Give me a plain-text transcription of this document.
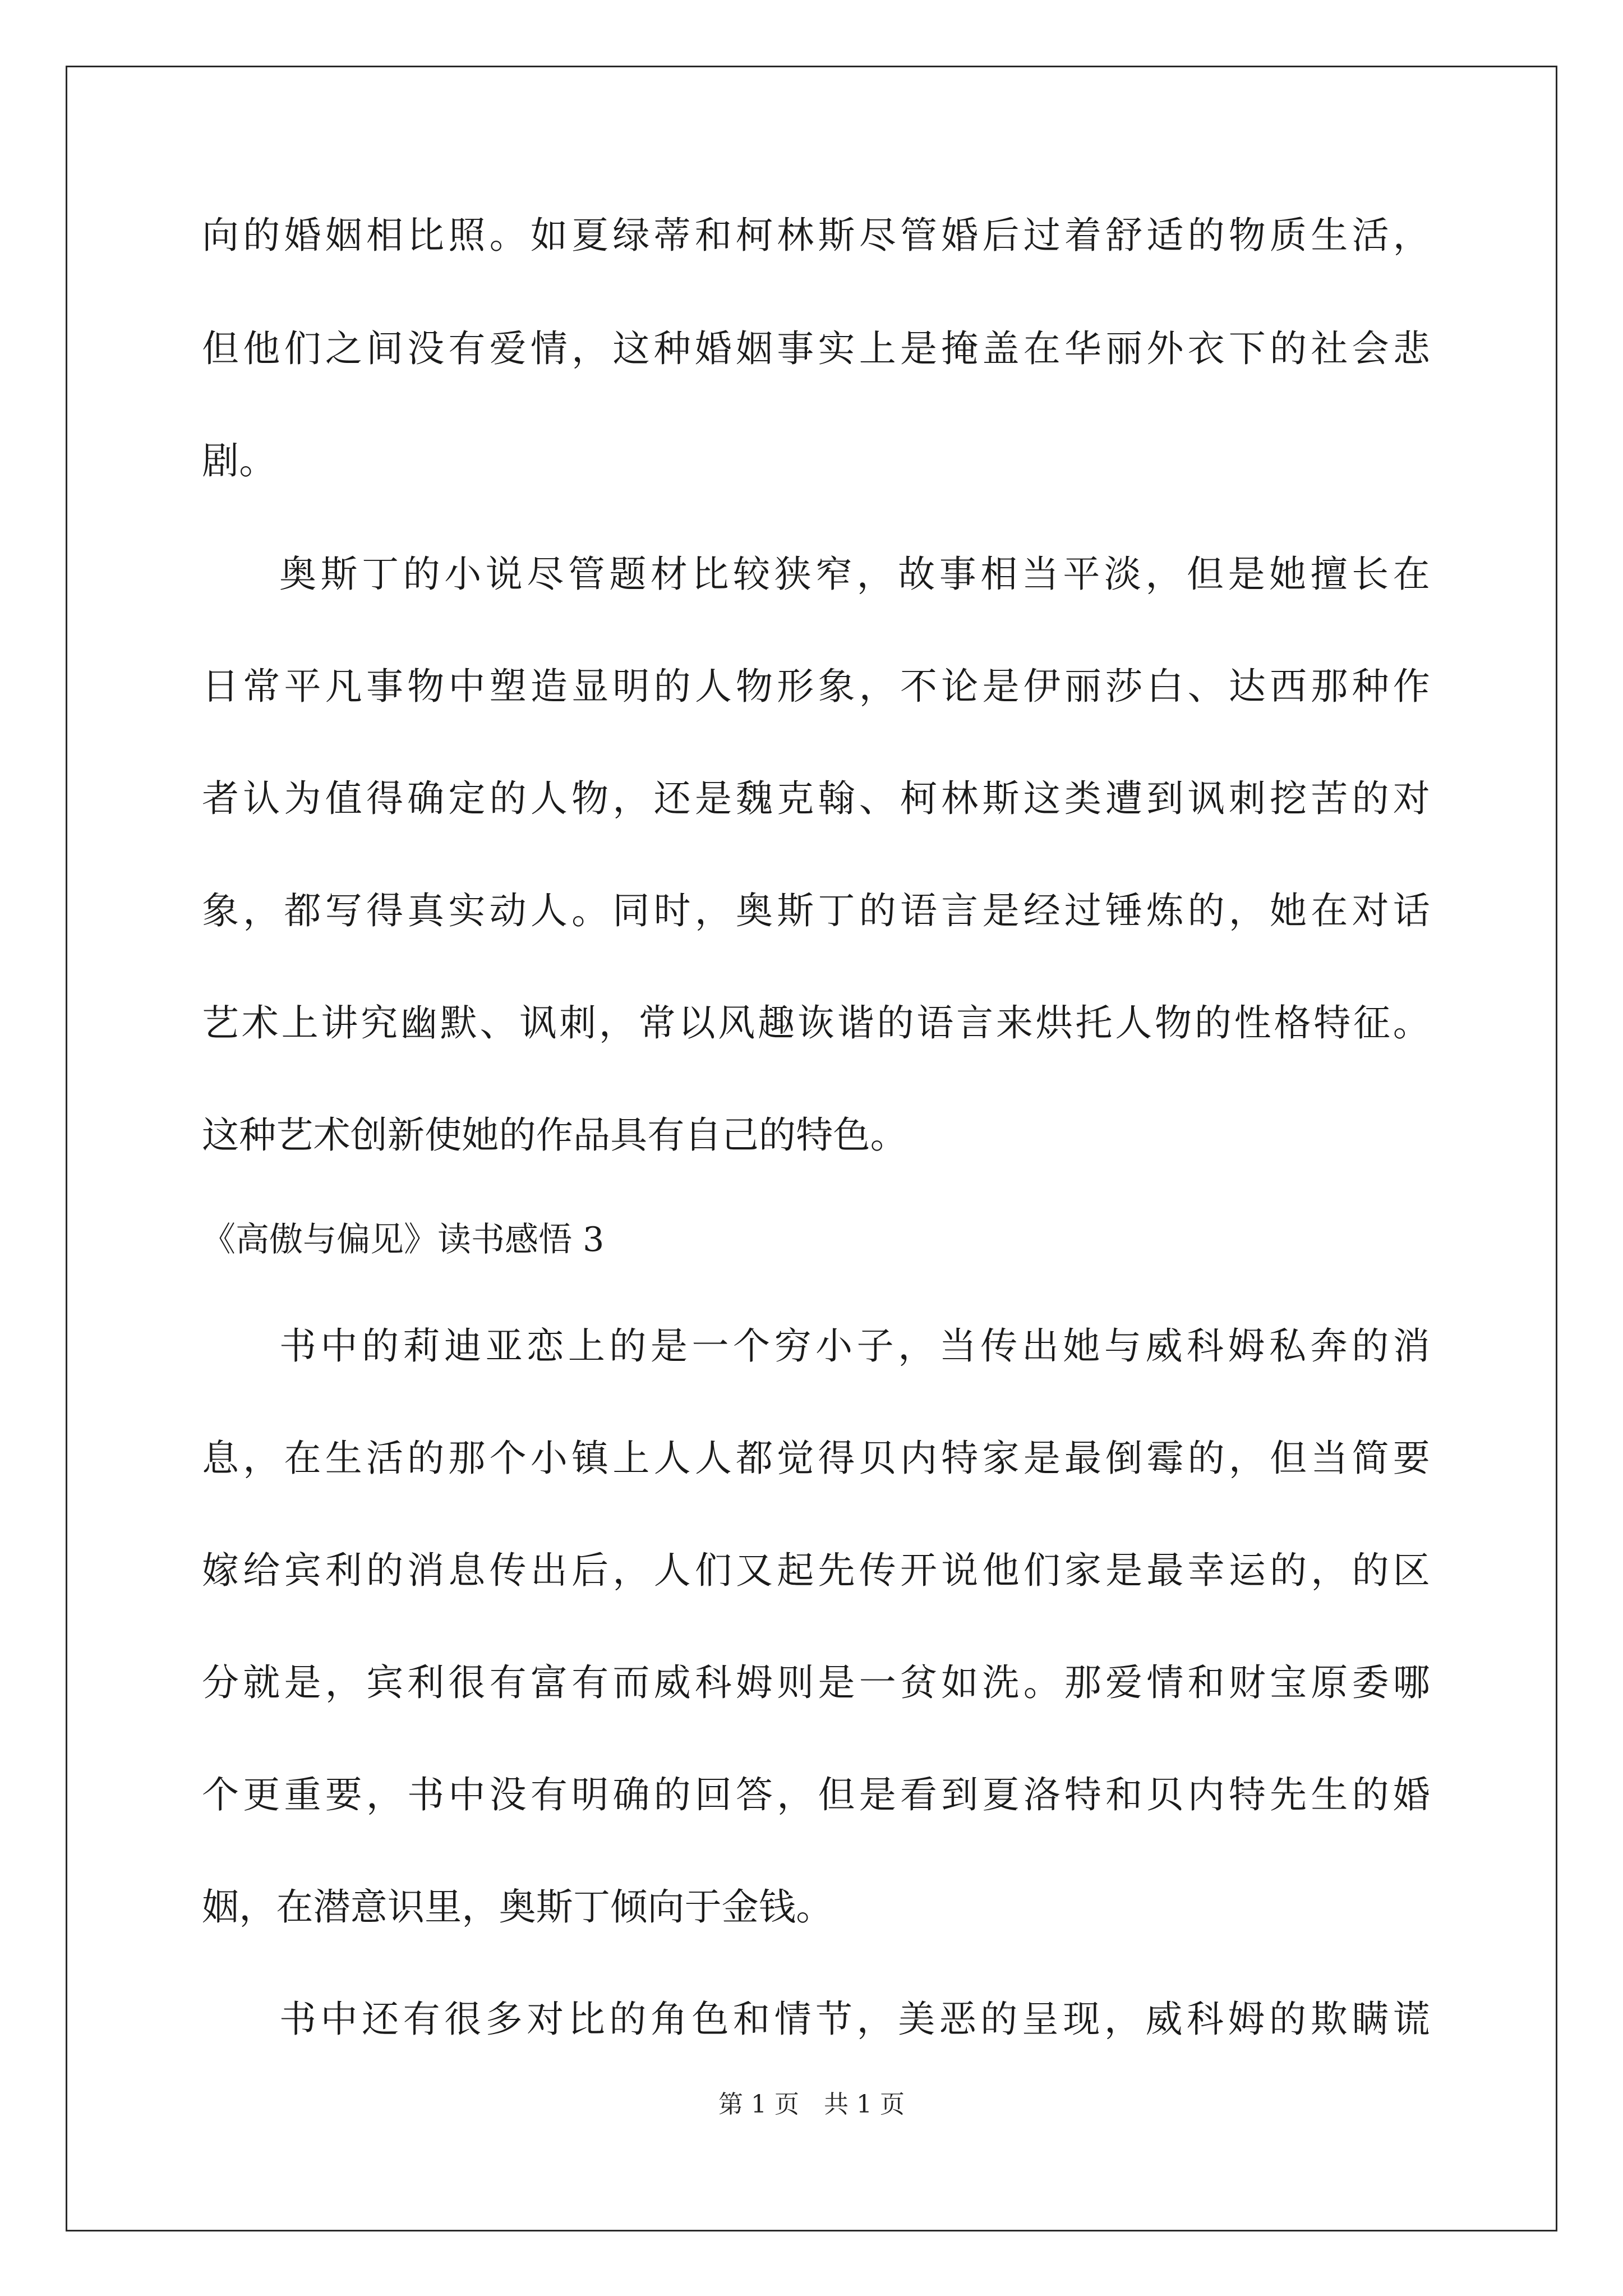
向的婚姻相比照。如夏绿蒂和柯林斯尽管婚后过着舒适的物质生活，
但他们之间没有爱情，这种婚姻事实上是掩盖在华丽外衣下的社会悲
剧。
奥斯丁的小说尽管题材比较狭窄，故事相当平淡，但是她擅长在
日常平凡事物中塑造显明的人物形象，不论是伊丽莎白、达西那种作
者认为值得确定的人物，还是魏克翰、柯林斯这类遭到讽刺挖苦的对
象，都写得真实动人。同时，奥斯丁的语言是经过锤炼的，她在对话
艺术上讲究幽默、讽刺，常以风趣诙谐的语言来烘托人物的性格特征。
这种艺术创新使她的作品具有自己的特色。
《高傲与偏见》读书感悟 3
书中的莉迪亚恋上的是一个穷小子，当传出她与威科姆私奔的消
息，在生活的那个小镇上人人都觉得贝内特家是最倒霉的，但当简要
嫁给宾利的消息传出后，人们又起先传开说他们家是最幸运的，的区
分就是，宾利很有富有而威科姆则是一贫如洗。那爱情和财宝原委哪
个更重要，书中没有明确的回答，但是看到夏洛特和贝内特先生的婚
姻，在潜意识里，奥斯丁倾向于金钱。
书中还有很多对比的角色和情节，美恶的呈现，威科姆的欺瞒谎
第 1 页　共 1 页
